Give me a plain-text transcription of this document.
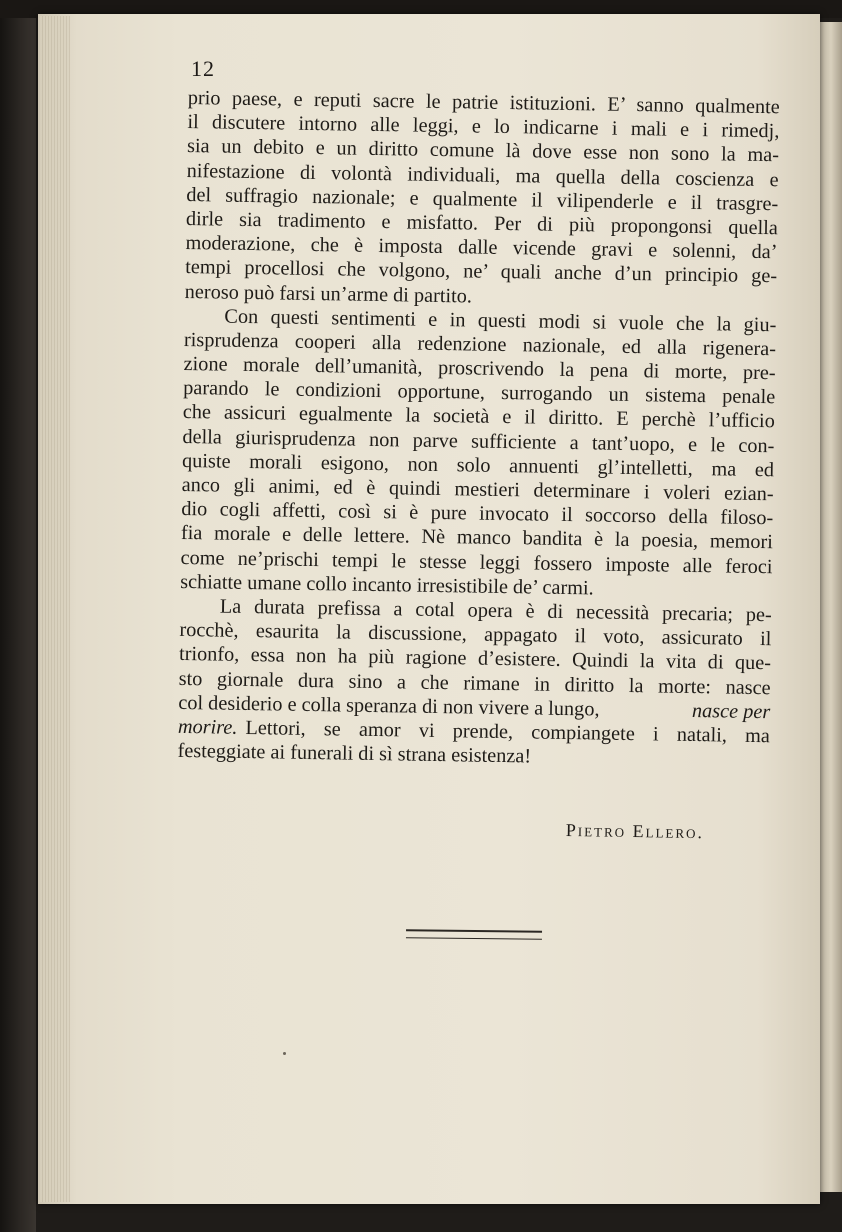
12
prio paese, e reputi sacre le patrie istituzioni. E’ sanno qualmente
il discutere intorno alle leggi, e lo indicarne i mali e i rimedj,
sia un debito e un diritto comune là dove esse non sono la ma-
nifestazione di volontà individuali, ma quella della coscienza e
del suffragio nazionale; e qualmente il vilipenderle e il trasgre-
dirle sia tradimento e misfatto. Per di più propongonsi quella
moderazione, che è imposta dalle vicende gravi e solenni, da’
tempi procellosi che volgono, ne’ quali anche d’un principio ge-
neroso può farsi un’arme di partito.
Con questi sentimenti e in questi modi si vuole che la giu-
risprudenza cooperi alla redenzione nazionale, ed alla rigenera-
zione morale dell’umanità, proscrivendo la pena di morte, pre-
parando le condizioni opportune, surrogando un sistema penale
che assicuri egualmente la società e il diritto. E perchè l’ufficio
della giurisprudenza non parve sufficiente a tant’uopo, e le con-
quiste morali esigono, non solo annuenti gl’intelletti, ma ed
anco gli animi, ed è quindi mestieri determinare i voleri ezian-
dio cogli affetti, così si è pure invocato il soccorso della filoso-
fia morale e delle lettere. Nè manco bandita è la poesia, memori
come ne’prischi tempi le stesse leggi fossero imposte alle feroci
schiatte umane collo incanto irresistibile de’ carmi.
La durata prefissa a cotal opera è di necessità precaria; pe-
rocchè, esaurita la discussione, appagato il voto, assicurato il
trionfo, essa non ha più ragione d’esistere. Quindi la vita di que-
sto giornale dura sino a che rimane in diritto la morte: nasce
col desiderio e colla speranza di non vivere a lungo,	nasce per
morire. Lettori, se amor vi prende, compiangete i natali, ma
festeggiate ai funerali di sì strana esistenza!
Pietro Ellero.
